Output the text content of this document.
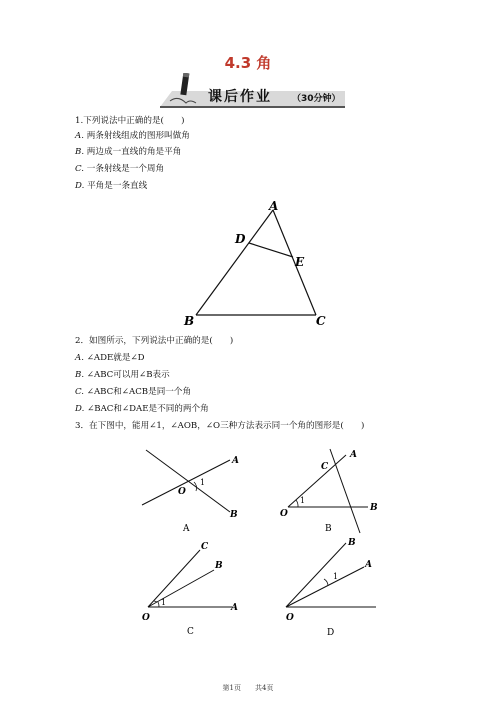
4.3 角
课后作业 （30分钟）
1.下列说法中正确的是(　　)
A. 两条射线组成的图形叫做角
B. 两边成一直线的角是平角
C. 一条射线是一个周角
D. 平角是一条直线
A
D
E
B	C
2．如图所示，下列说法中正确的是(　　)
A. ∠ADE就是∠D
B. ∠ABC可以用∠B表示
C. ∠ABC和∠ACB是同一个角
D. ∠BAC和∠DAE是不同的两个角
3．在下图中，能用∠1，∠AOB，∠O三种方法表示同一个角的图形是(　　)
A
B
O
1
A
A
B
C
O
1
B
C
B
A
O
1
C
B
A
O
1
D
第1页　　共4页
